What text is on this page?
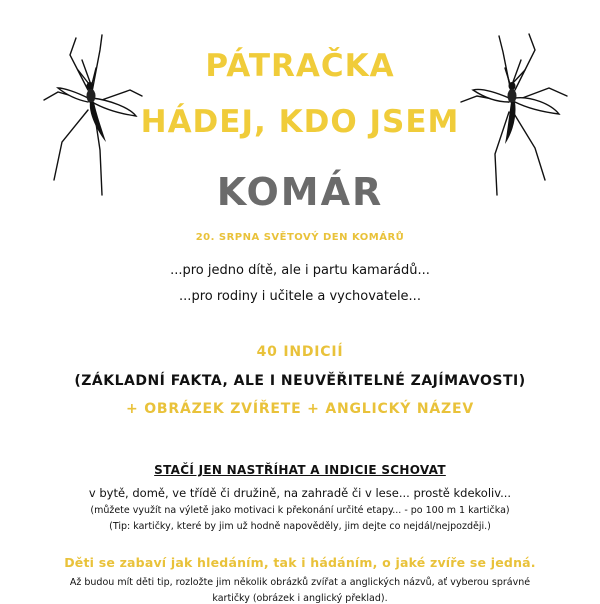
PÁTRAČKA
HÁDEJ, KDO JSEM
KOMÁR
20. SRPNA SVĚTOVÝ DEN KOMÁRŮ
...pro jedno dítě, ale i partu kamarádů...
...pro rodiny i učitele a vychovatele...
40 INDICIÍ
(ZÁKLADNÍ FAKTA, ALE I NEUVĚŘITELNÉ ZAJÍMAVOSTI)
+ OBRÁZEK ZVÍŘETE + ANGLICKÝ NÁZEV
STAČÍ JEN NASTŘÍHAT A INDICIE SCHOVAT
v bytě, domě, ve třídě či družině, na zahradě či v lese... prostě kdekoliv...
(můžete využít na výletě jako motivaci k překonání určité etapy... - po 100 m 1 kartička)
(Tip: kartičky, které by jim už hodně napověděly, jim dejte co nejdál/nejpozději.)
Děti se zabaví jak hledáním, tak i hádáním, o jaké zvíře se jedná.
Až budou mít děti tip, rozložte jim několik obrázků zvířat a anglických názvů, ať vyberou správné
kartičky (obrázek i anglický překlad).
